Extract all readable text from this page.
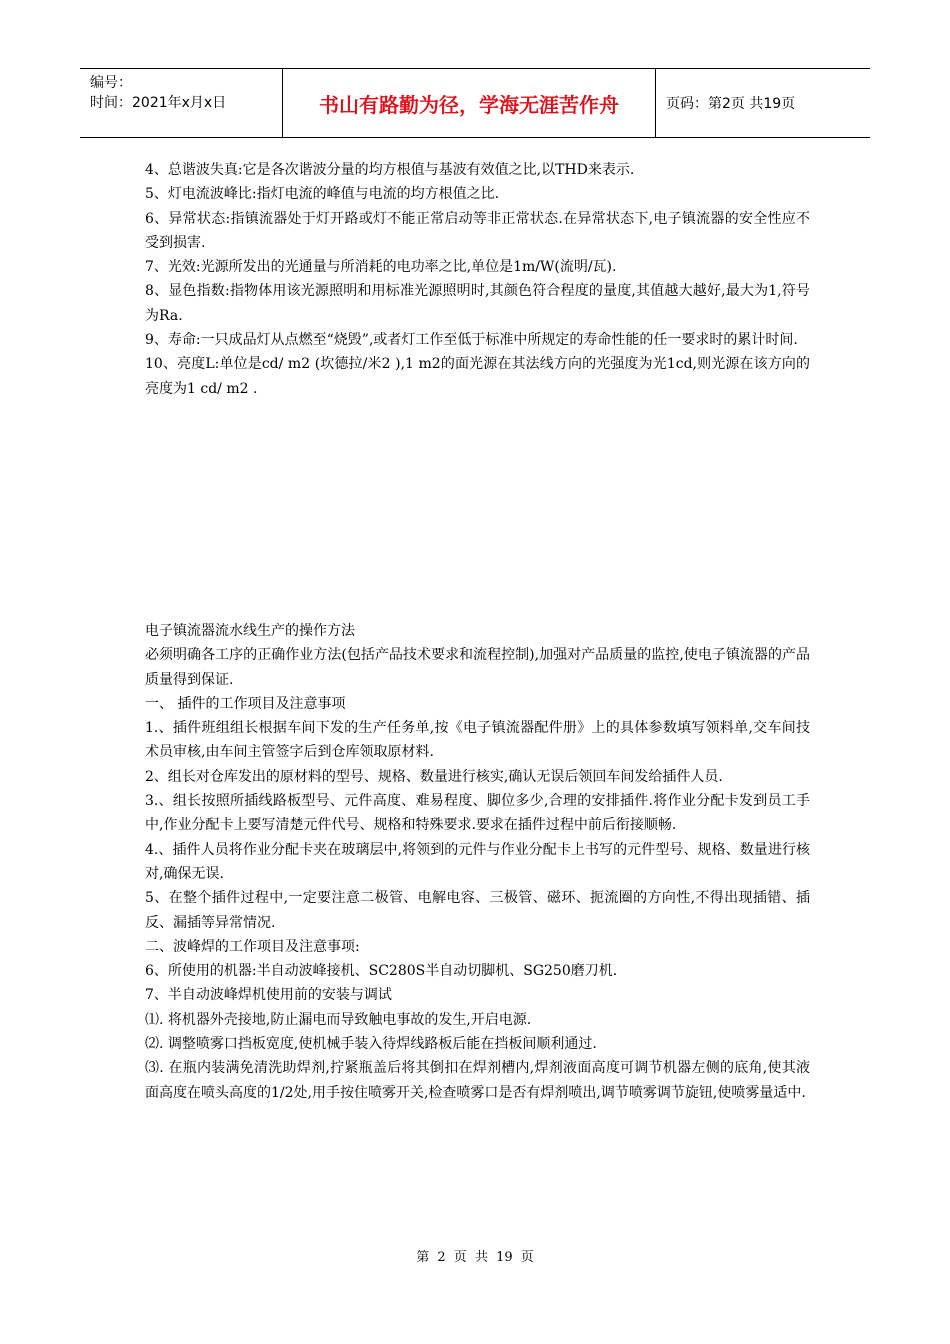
编号：
时间：2021年x月x日	书山有路勤为径，学海无涯苦作舟	页码：第2页 共19页

4、总谐波失真:它是各次谐波分量的均方根值与基波有效值之比,以THD来表示.

5、灯电流波峰比:指灯电流的峰值与电流的均方根值之比.

6、异常状态:指镇流器处于灯开路或灯不能正常启动等非正常状态.在异常状态下,电子镇流器的安全性应不受到损害.

7、光效:光源所发出的光通量与所消耗的电功率之比,单位是1m/W(流明/瓦).

8、显色指数:指物体用该光源照明和用标准光源照明时,其颜色符合程度的量度,其值越大越好,最大为1,符号为Ra.

9、寿命:一只成品灯从点燃至“烧毁”,或者灯工作至低于标准中所规定的寿命性能的任一要求时的累计时间.

10、亮度L:单位是cd/ m2 (坎德拉/米2 ),1 m2的面光源在其法线方向的光强度为光1cd,则光源在该方向的亮度为1 cd/ m2 .

电子镇流器流水线生产的操作方法

必须明确各工序的正确作业方法(包括产品技术要求和流程控制),加强对产品质量的监控,使电子镇流器的产品质量得到保证.

一、 插件的工作项目及注意事项

1.、插件班组组长根据车间下发的生产任务单,按《电子镇流器配件册》上的具体参数填写领料单,交车间技术员审核,由车间主管签字后到仓库领取原材料.

2、组长对仓库发出的原材料的型号、规格、数量进行核实,确认无误后领回车间发给插件人员.

3.、组长按照所插线路板型号、元件高度、难易程度、脚位多少,合理的安排插件.将作业分配卡发到员工手中,作业分配卡上要写清楚元件代号、规格和特殊要求.要求在插件过程中前后衔接顺畅.

4.、插件人员将作业分配卡夹在玻璃层中,将领到的元件与作业分配卡上书写的元件型号、规格、数量进行核对,确保无误.

5、在整个插件过程中,一定要注意二极管、电解电容、三极管、磁环、扼流圈的方向性,不得出现插错、插反、漏插等异常情况.

二、波峰焊的工作项目及注意事项:

6、所使用的机器:半自动波峰接机、SC280S半自动切脚机、SG250磨刀机.

7、半自动波峰焊机使用前的安装与调试

⑴. 将机器外壳接地,防止漏电而导致触电事故的发生,开启电源.

⑵. 调整喷雾口挡板宽度,使机械手装入待焊线路板后能在挡板间顺利通过.

⑶. 在瓶内装满免清洗助焊剂,拧紧瓶盖后将其倒扣在焊剂槽内,焊剂液面高度可调节机器左侧的底角,使其液面高度在喷头高度的1/2处,用手按住喷雾开关,检查喷雾口是否有焊剂喷出,调节喷雾调节旋钮,使喷雾量适中.

第 2 页 共 19 页
